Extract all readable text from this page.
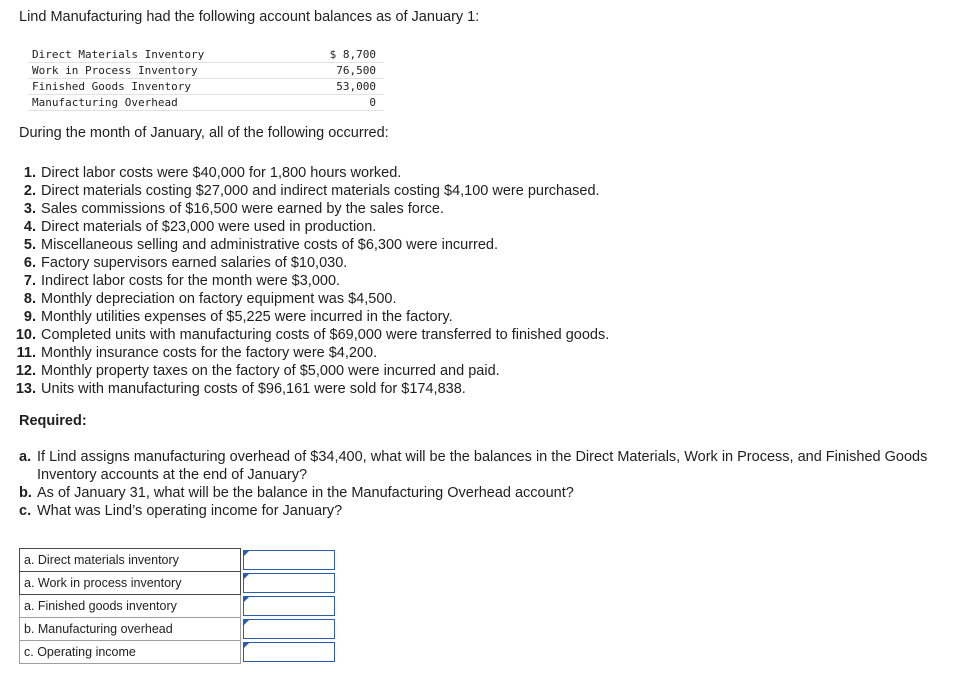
Lind Manufacturing had the following account balances as of January 1:
Direct Materials Inventory	$ 8,700
Work in Process Inventory	76,500
Finished Goods Inventory	53,000
Manufacturing Overhead	0
During the month of January, all of the following occurred:
1. Direct labor costs were $40,000 for 1,800 hours worked.
2. Direct materials costing $27,000 and indirect materials costing $4,100 were purchased.
3. Sales commissions of $16,500 were earned by the sales force.
4. Direct materials of $23,000 were used in production.
5. Miscellaneous selling and administrative costs of $6,300 were incurred.
6. Factory supervisors earned salaries of $10,030.
7. Indirect labor costs for the month were $3,000.
8. Monthly depreciation on factory equipment was $4,500.
9. Monthly utilities expenses of $5,225 were incurred in the factory.
10. Completed units with manufacturing costs of $69,000 were transferred to finished goods.
11. Monthly insurance costs for the factory were $4,200.
12. Monthly property taxes on the factory of $5,000 were incurred and paid.
13. Units with manufacturing costs of $96,161 were sold for $174,838.
Required:
a. If Lind assigns manufacturing overhead of $34,400, what will be the balances in the Direct Materials, Work in Process, and Finished Goods Inventory accounts at the end of January?
b. As of January 31, what will be the balance in the Manufacturing Overhead account?
c. What was Lind’s operating income for January?
a. Direct materials inventory	

a. Work in process inventory	

a. Finished goods inventory	

b. Manufacturing overhead	

c. Operating income	
